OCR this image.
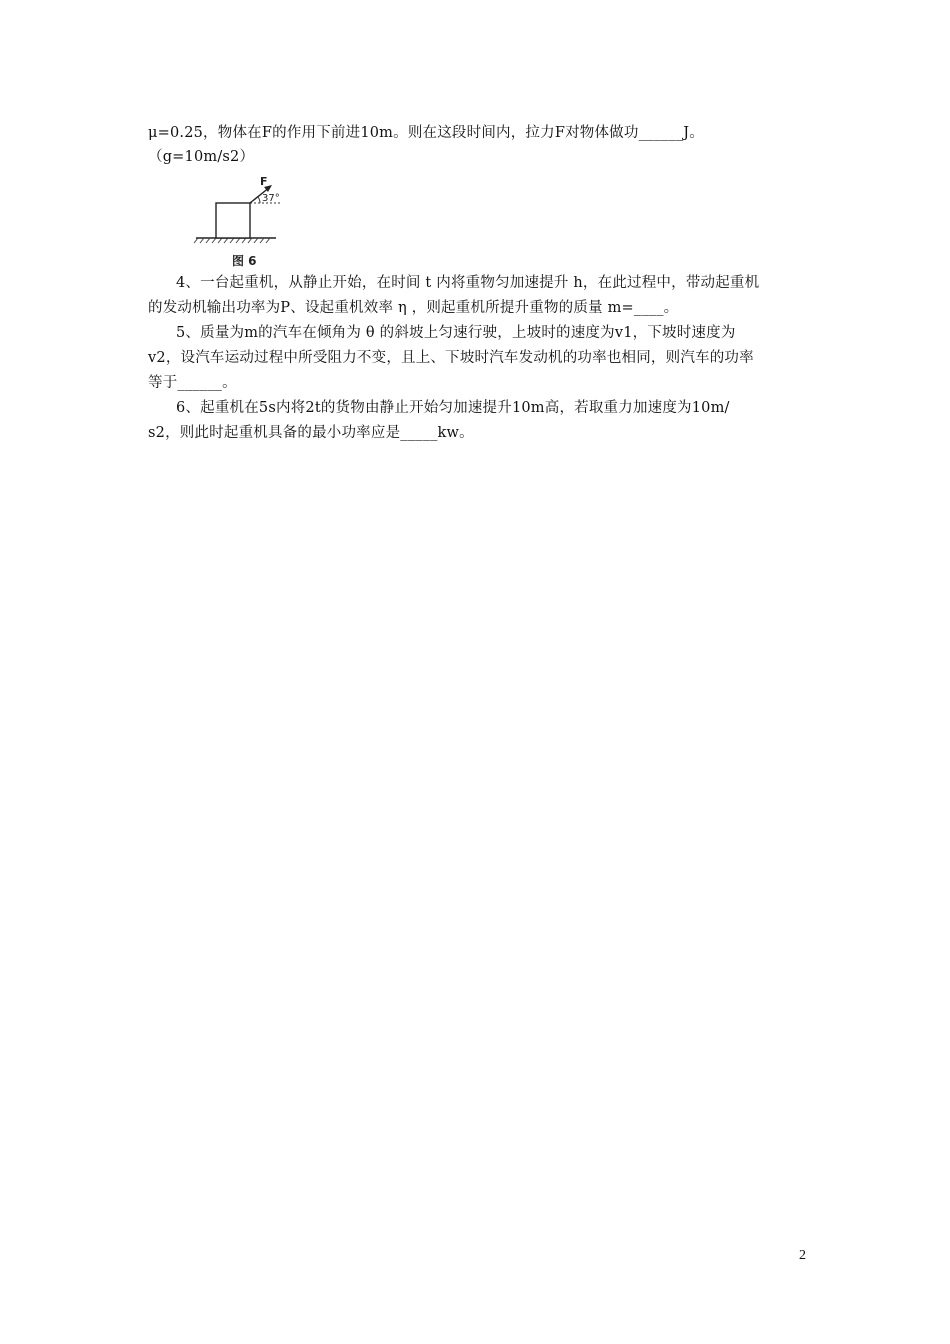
μ=0.25，物体在F的作用下前进10m。则在这段时间内，拉力F对物体做功______J。
（g=10m/s2）
F
37°
图 6
4、一台起重机，从静止开始，在时间 t 内将重物匀加速提升 h，在此过程中，带动起重机
的发动机输出功率为P、设起重机效率 η ，则起重机所提升重物的质量 m=____。
5、质量为m的汽车在倾角为 θ 的斜坡上匀速行驶，上坡时的速度为v1，下坡时速度为
v2，设汽车运动过程中所受阻力不变，且上、下坡时汽车发动机的功率也相同，则汽车的功率
等于______。
6、起重机在5s内将2t的货物由静止开始匀加速提升10m高，若取重力加速度为10m/
s2，则此时起重机具备的最小功率应是_____kw。
2
